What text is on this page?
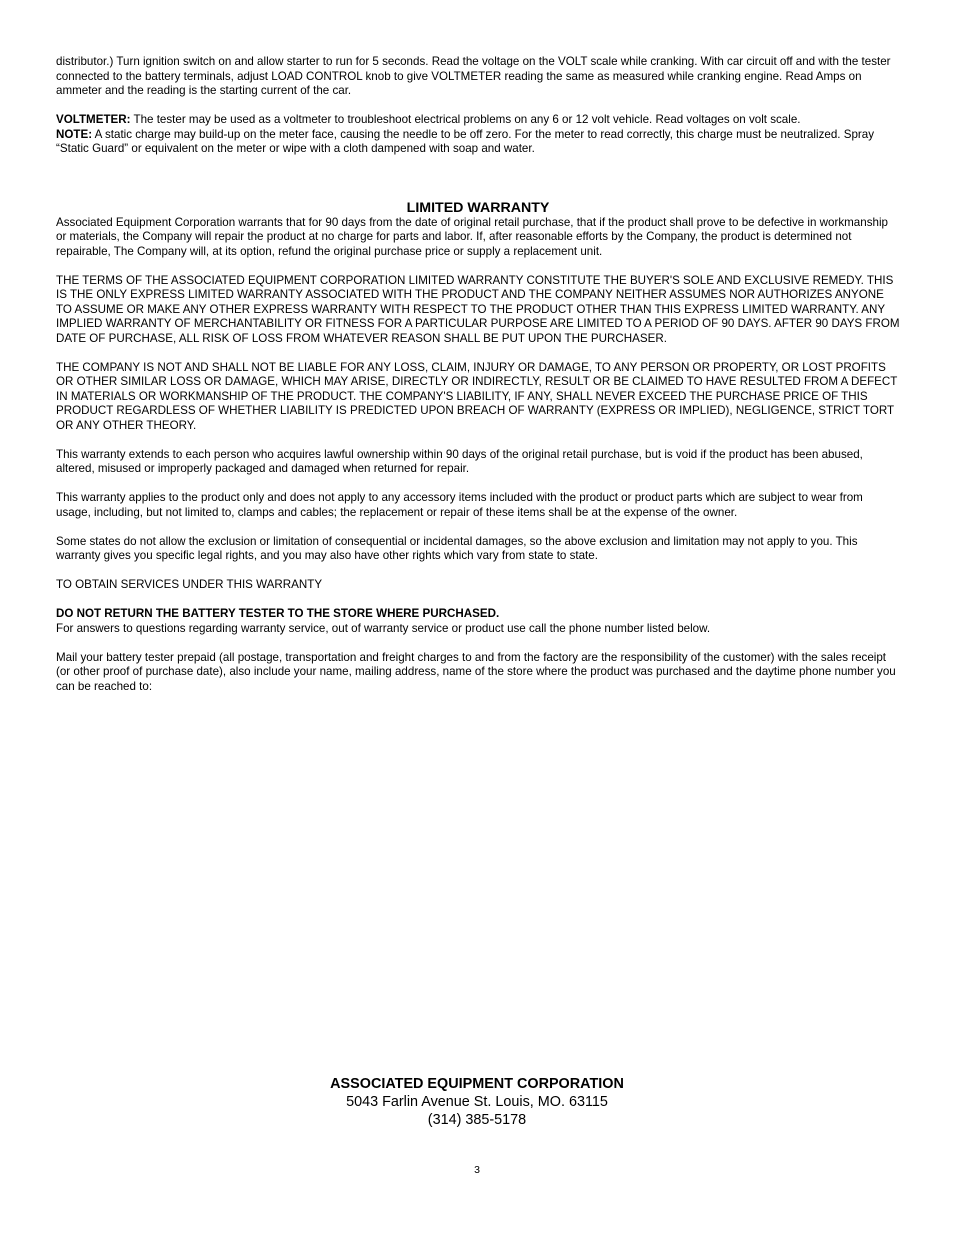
distributor.) Turn ignition switch on and allow starter to run for 5 seconds. Read the voltage on the VOLT scale while cranking. With car circuit off and with the tester connected to the battery terminals, adjust LOAD CONTROL knob to give VOLTMETER reading the same as measured while cranking engine. Read Amps on ammeter and the reading is the starting current of the car.

VOLTMETER: The tester may be used as a voltmeter to troubleshoot electrical problems on any 6 or 12 volt vehicle. Read voltages on volt scale.

NOTE: A static charge may build-up on the meter face, causing the needle to be off zero. For the meter to read correctly, this charge must be neutralized. Spray “Static Guard” or equivalent on the meter or wipe with a cloth dampened with soap and water.

LIMITED WARRANTY

Associated Equipment Corporation warrants that for 90 days from the date of original retail purchase, that if the product shall prove to be defective in workmanship or materials, the Company will repair the product at no charge for parts and labor. If, after reasonable efforts by the Company, the product is determined not repairable, The Company will, at its option, refund the original purchase price or supply a replacement unit.

THE TERMS OF THE ASSOCIATED EQUIPMENT CORPORATION LIMITED WARRANTY CONSTITUTE THE BUYER'S SOLE AND EXCLUSIVE REMEDY. THIS IS THE ONLY EXPRESS LIMITED WARRANTY ASSOCIATED WITH THE PRODUCT AND THE COMPANY NEITHER ASSUMES NOR AUTHORIZES ANYONE TO ASSUME OR MAKE ANY OTHER EXPRESS WARRANTY WITH RESPECT TO THE PRODUCT OTHER THAN THIS EXPRESS LIMITED WARRANTY. ANY IMPLIED WARRANTY OF MERCHANTABILITY OR FITNESS FOR A PARTICULAR PURPOSE ARE LIMITED TO A PERIOD OF 90 DAYS. AFTER 90 DAYS FROM DATE OF PURCHASE, ALL RISK OF LOSS FROM WHATEVER REASON SHALL BE PUT UPON THE PURCHASER.

THE COMPANY IS NOT AND SHALL NOT BE LIABLE FOR ANY LOSS, CLAIM, INJURY OR DAMAGE, TO ANY PERSON OR PROPERTY, OR LOST PROFITS OR OTHER SIMILAR LOSS OR DAMAGE, WHICH MAY ARISE, DIRECTLY OR INDIRECTLY, RESULT OR BE CLAIMED TO HAVE RESULTED FROM A DEFECT IN MATERIALS OR WORKMANSHIP OF THE PRODUCT. THE COMPANY'S LIABILITY, IF ANY, SHALL NEVER EXCEED THE PURCHASE PRICE OF THIS PRODUCT REGARDLESS OF WHETHER LIABILITY IS PREDICTED UPON BREACH OF WARRANTY (EXPRESS OR IMPLIED), NEGLIGENCE, STRICT TORT OR ANY OTHER THEORY.

This warranty extends to each person who acquires lawful ownership within 90 days of the original retail purchase, but is void if the product has been abused, altered, misused or improperly packaged and damaged when returned for repair.

This warranty applies to the product only and does not apply to any accessory items included with the product or product parts which are subject to wear from usage, including, but not limited to, clamps and cables; the replacement or repair of these items shall be at the expense of the owner.

Some states do not allow the exclusion or limitation of consequential or incidental damages, so the above exclusion and limitation may not apply to you. This warranty gives you specific legal rights, and you may also have other rights which vary from state to state.

TO OBTAIN SERVICES UNDER THIS WARRANTY

DO NOT RETURN THE BATTERY TESTER TO THE STORE WHERE PURCHASED.

For answers to questions regarding warranty service, out of warranty service or product use call the phone number listed below.

Mail your battery tester prepaid (all postage, transportation and freight charges to and from the factory are the responsibility of the customer) with the sales receipt (or other proof of purchase date), also include your name, mailing address, name of the store where the product was purchased and the daytime phone number you can be reached to:

ASSOCIATED EQUIPMENT CORPORATION
5043 Farlin Avenue St. Louis, MO. 63115
(314) 385-5178
3
